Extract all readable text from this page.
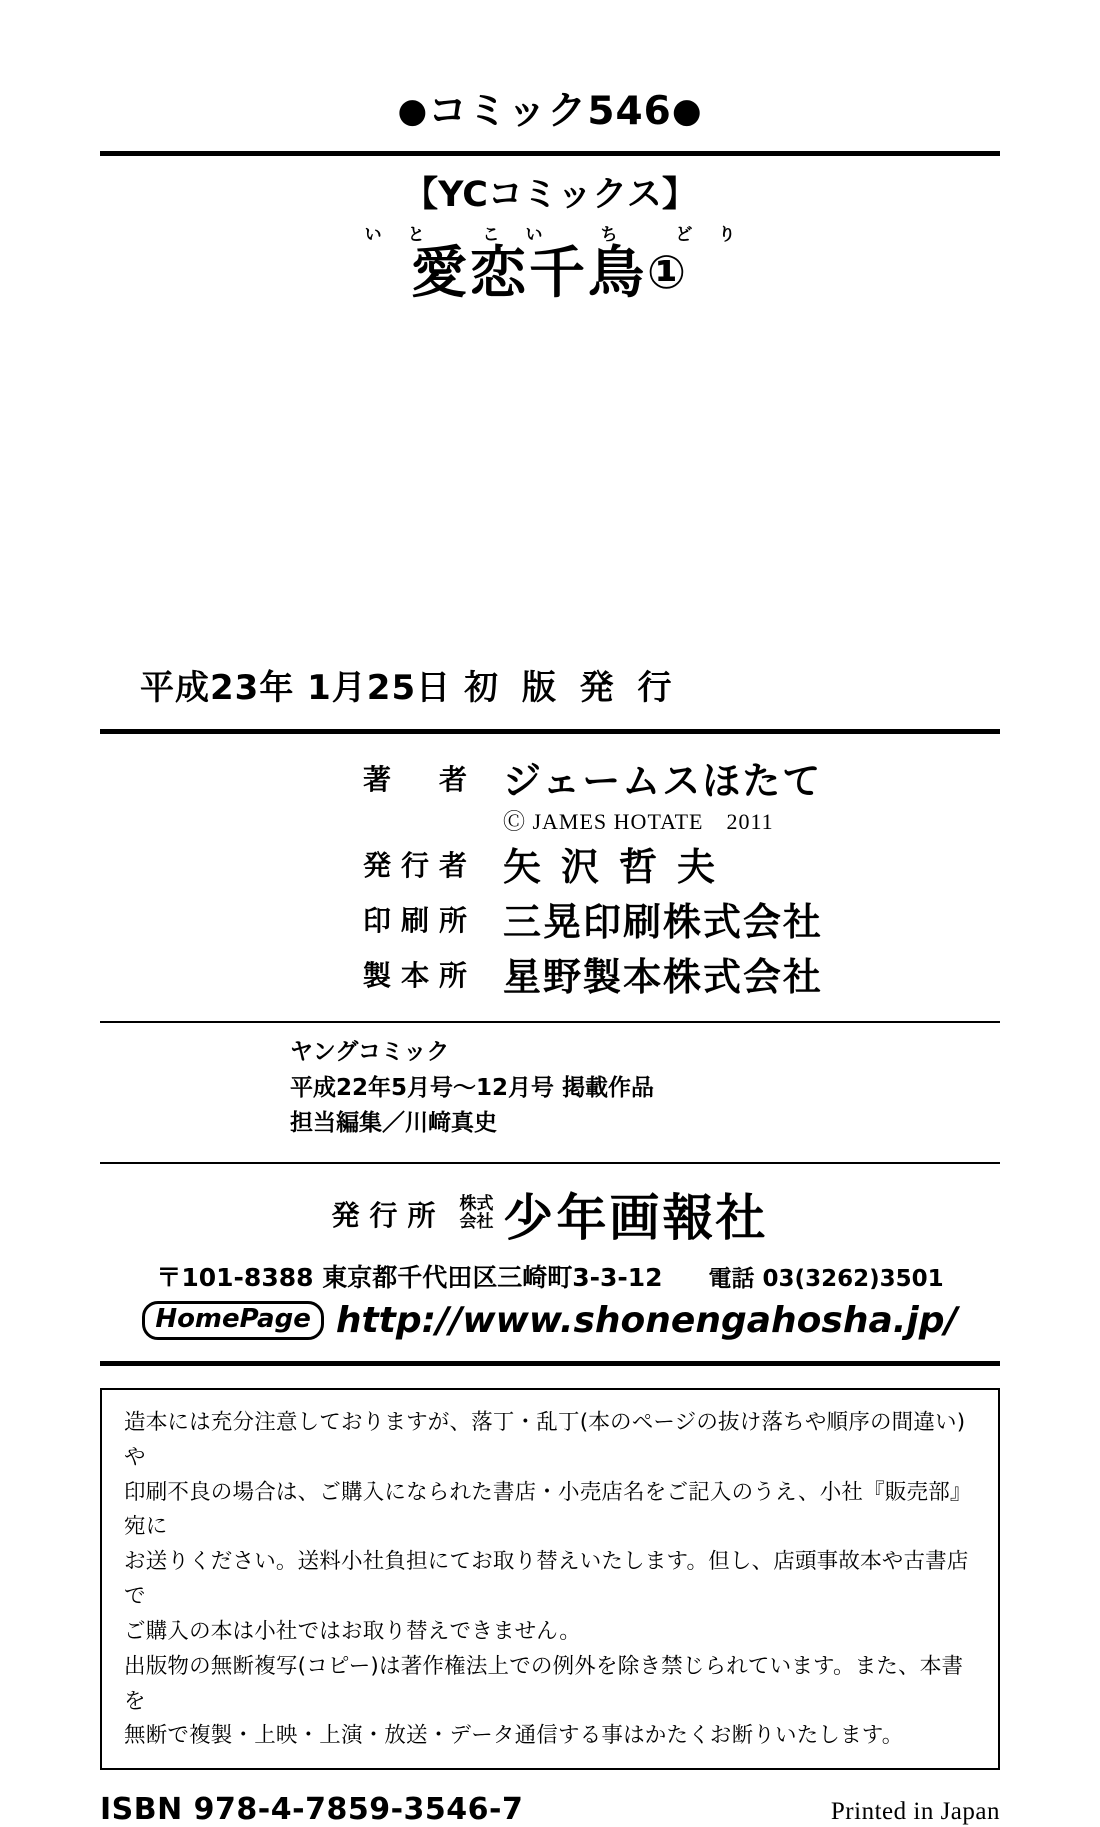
●コミック546●
【YCコミックス】
いと こい ち どり
愛恋千鳥①
平成23年 1月25日 初 版 発 行
著　者	ジェームスほたて
	Ⓒ JAMES HOTATE　2011
発行者	矢沢哲夫
印刷所	三晃印刷株式会社
製本所	星野製本株式会社
ヤングコミック
平成22年5月号〜12月号 掲載作品
担当編集／川﨑真史
発行所 株式
会社 少年画報社
〒101-8388 東京都千代田区三崎町3-3-12 電話 03(3262)3501
HomePage http://www.shonengahosha.jp/

造本には充分注意しておりますが、落丁・乱丁(本のページの抜け落ちや順序の間違い)や

印刷不良の場合は、ご購入になられた書店・小売店名をご記入のうえ、小社『販売部』宛に

お送りください。送料小社負担にてお取り替えいたします。但し、店頭事故本や古書店で

ご購入の本は小社ではお取り替えできません。

出版物の無断複写(コピー)は著作権法上での例外を除き禁じられています。また、本書を

無断で複製・上映・上演・放送・データ通信する事はかたくお断りいたします。

ISBN 978-4-7859-3546-7	Printed in Japan
